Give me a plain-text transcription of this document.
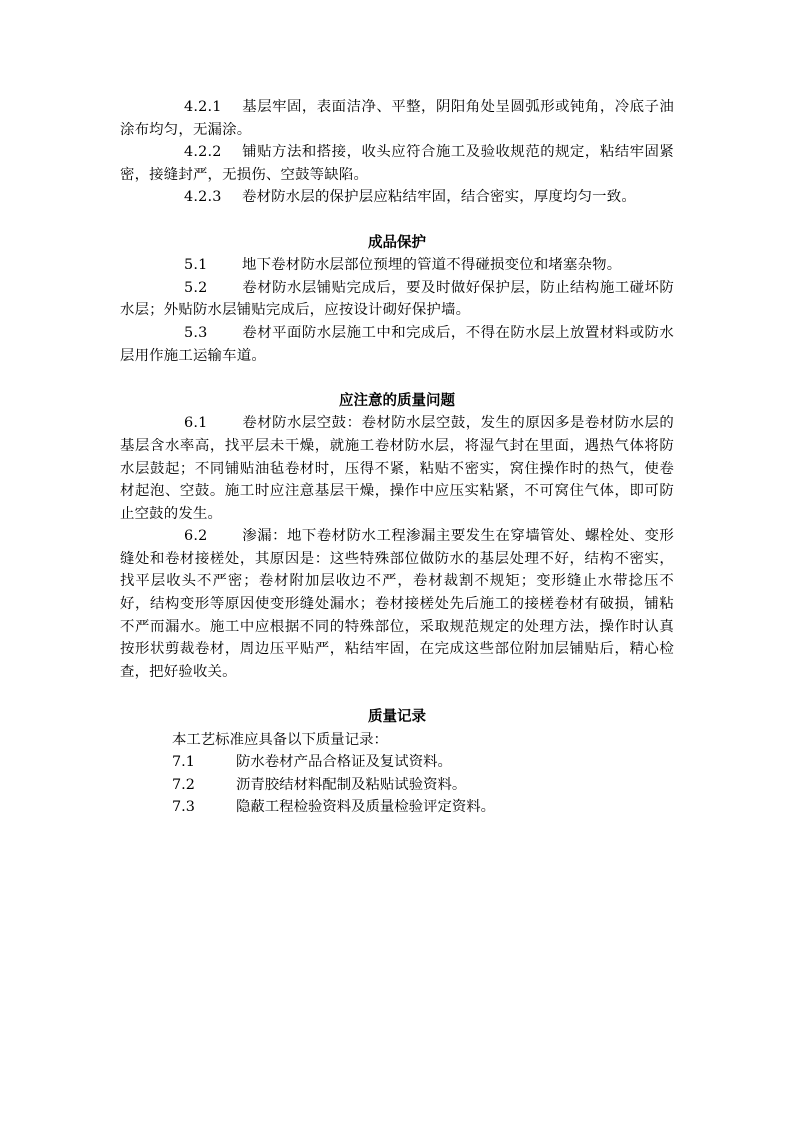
4.2.1 基层牢固，表面洁净、平整，阴阳角处呈圆弧形或钝角，冷底子油涂布均匀，无漏涂。

4.2.2 铺贴方法和搭接，收头应符合施工及验收规范的规定，粘结牢固紧密，接缝封严，无损伤、空鼓等缺陷。

4.2.3 卷材防水层的保护层应粘结牢固，结合密实，厚度均匀一致。

成品保护

5.1 地下卷材防水层部位预埋的管道不得碰损变位和堵塞杂物。

5.2 卷材防水层铺贴完成后，要及时做好保护层，防止结构施工碰坏防水层；外贴防水层铺贴完成后，应按设计砌好保护墙。

5.3 卷材平面防水层施工中和完成后，不得在防水层上放置材料或防水层用作施工运输车道。

应注意的质量问题

6.1 卷材防水层空鼓：卷材防水层空鼓，发生的原因多是卷材防水层的基层含水率高，找平层未干燥，就施工卷材防水层，将湿气封在里面，遇热气体将防水层鼓起；不同铺贴油毡卷材时，压得不紧，粘贴不密实，窝住操作时的热气，使卷材起泡、空鼓。施工时应注意基层干燥，操作中应压实粘紧，不可窝住气体，即可防止空鼓的发生。

6.2 渗漏：地下卷材防水工程渗漏主要发生在穿墙管处、螺栓处、变形缝处和卷材接槎处，其原因是：这些特殊部位做防水的基层处理不好，结构不密实，找平层收头不严密；卷材附加层收边不严，卷材裁割不规矩；变形缝止水带捻压不好，结构变形等原因使变形缝处漏水；卷材接槎处先后施工的接槎卷材有破损，铺粘不严而漏水。施工中应根据不同的特殊部位，采取规范规定的处理方法，操作时认真按形状剪裁卷材，周边压平贴严，粘结牢固，在完成这些部位附加层铺贴后，精心检查，把好验收关。

质量记录

本工艺标准应具备以下质量记录：

7.1	防水卷材产品合格证及复试资料。

7.2	沥青胶结材料配制及粘贴试验资料。

7.3	隐蔽工程检验资料及质量检验评定资料。
